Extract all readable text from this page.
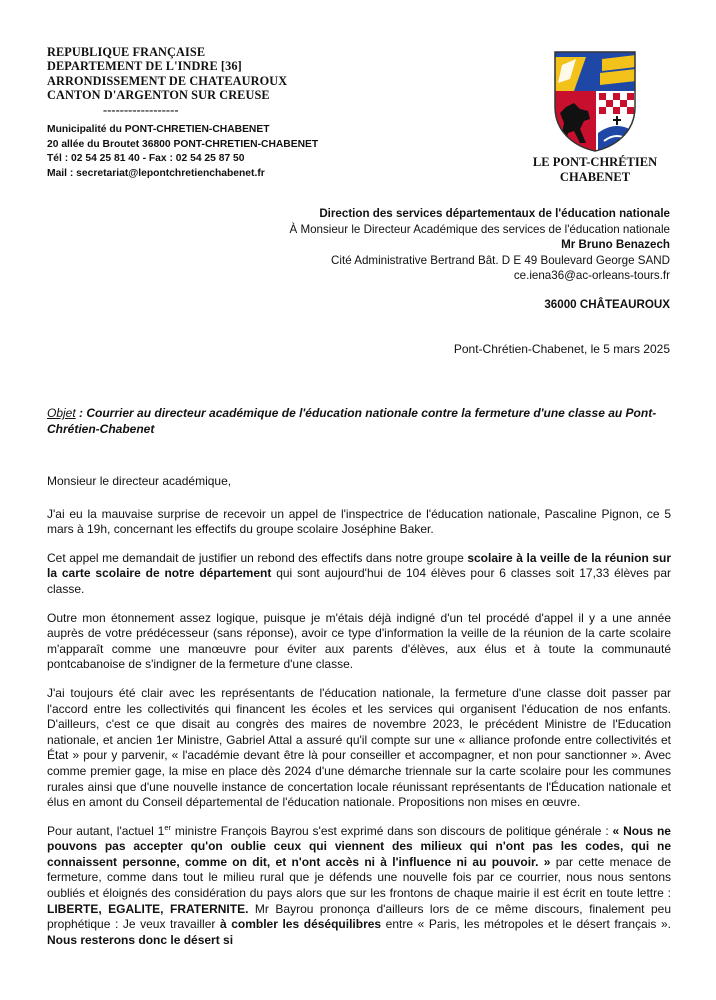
REPUBLIQUE FRANÇAISE
DEPARTEMENT DE L'INDRE [36]
ARRONDISSEMENT DE CHATEAUROUX
CANTON D'ARGENTON SUR CREUSE
------------------
Municipalité du PONT-CHRETIEN-CHABENET
20 allée du Broutet 36800 PONT-CHRETIEN-CHABENET
Tél : 02 54 25 81 40 - Fax : 02 54 25 87 50
Mail : secretariat@lepontchretienchabenet.fr
LE PONT-CHRÉTIEN
CHABENET
Direction des services départementaux de l'éducation nationale
À Monsieur le Directeur Académique des services de l'éducation nationale
Mr Bruno Benazech
Cité Administrative Bertrand Bât. D E 49 Boulevard George SAND
ce.iena36@ac-orleans-tours.fr
36000 CHÂTEAUROUX
Pont-Chrétien-Chabenet, le 5 mars 2025
Objet : Courrier au directeur académique de l'éducation nationale contre la fermeture d'une classe au Pont-Chrétien-Chabenet

Monsieur le directeur académique,

J'ai eu la mauvaise surprise de recevoir un appel de l'inspectrice de l'éducation nationale, Pascaline Pignon, ce 5 mars à 19h, concernant les effectifs du groupe scolaire Joséphine Baker.

Cet appel me demandait de justifier un rebond des effectifs dans notre groupe scolaire à la veille de la réunion sur la carte scolaire de notre département qui sont aujourd'hui de 104 élèves pour 6 classes soit 17,33 élèves par classe.

Outre mon étonnement assez logique, puisque je m'étais déjà indigné d'un tel procédé d'appel il y a une année auprès de votre prédécesseur (sans réponse), avoir ce type d'information la veille de la réunion de la carte scolaire m'apparaît comme une manœuvre pour éviter aux parents d'élèves, aux élus et à toute la communauté pontcabanoise de s'indigner de la fermeture d'une classe.

J'ai toujours été clair avec les représentants de l'éducation nationale, la fermeture d'une classe doit passer par l'accord entre les collectivités qui financent les écoles et les services qui organisent l'éducation de nos enfants. D'ailleurs, c'est ce que disait au congrès des maires de novembre 2023, le précédent Ministre de l'Education nationale, et ancien 1er Ministre, Gabriel Attal a assuré qu'il compte sur une « alliance profonde entre collectivités et État » pour y parvenir, « l'académie devant être là pour conseiller et accompagner, et non pour sanctionner ». Avec comme premier gage, la mise en place dès 2024 d'une démarche triennale sur la carte scolaire pour les communes rurales ainsi que d'une nouvelle instance de concertation locale réunissant représentants de l'Éducation nationale et élus en amont du Conseil départemental de l'éducation nationale. Propositions non mises en œuvre.

Pour autant, l'actuel 1er ministre François Bayrou s'est exprimé dans son discours de politique générale : « Nous ne pouvons pas accepter qu'on oublie ceux qui viennent des milieux qui n'ont pas les codes, qui ne connaissent personne, comme on dit, et n'ont accès ni à l'influence ni au pouvoir. » par cette menace de fermeture, comme dans tout le milieu rural que je défends une nouvelle fois par ce courrier, nous nous sentons oubliés et éloignés des considération du pays alors que sur les frontons de chaque mairie il est écrit en toute lettre : LIBERTE, EGALITE, FRATERNITE. Mr Bayrou prononça d'ailleurs lors de ce même discours, finalement peu prophétique : Je veux travailler à combler les déséquilibres entre « Paris, les métropoles et le désert français ». Nous resterons donc le désert si
